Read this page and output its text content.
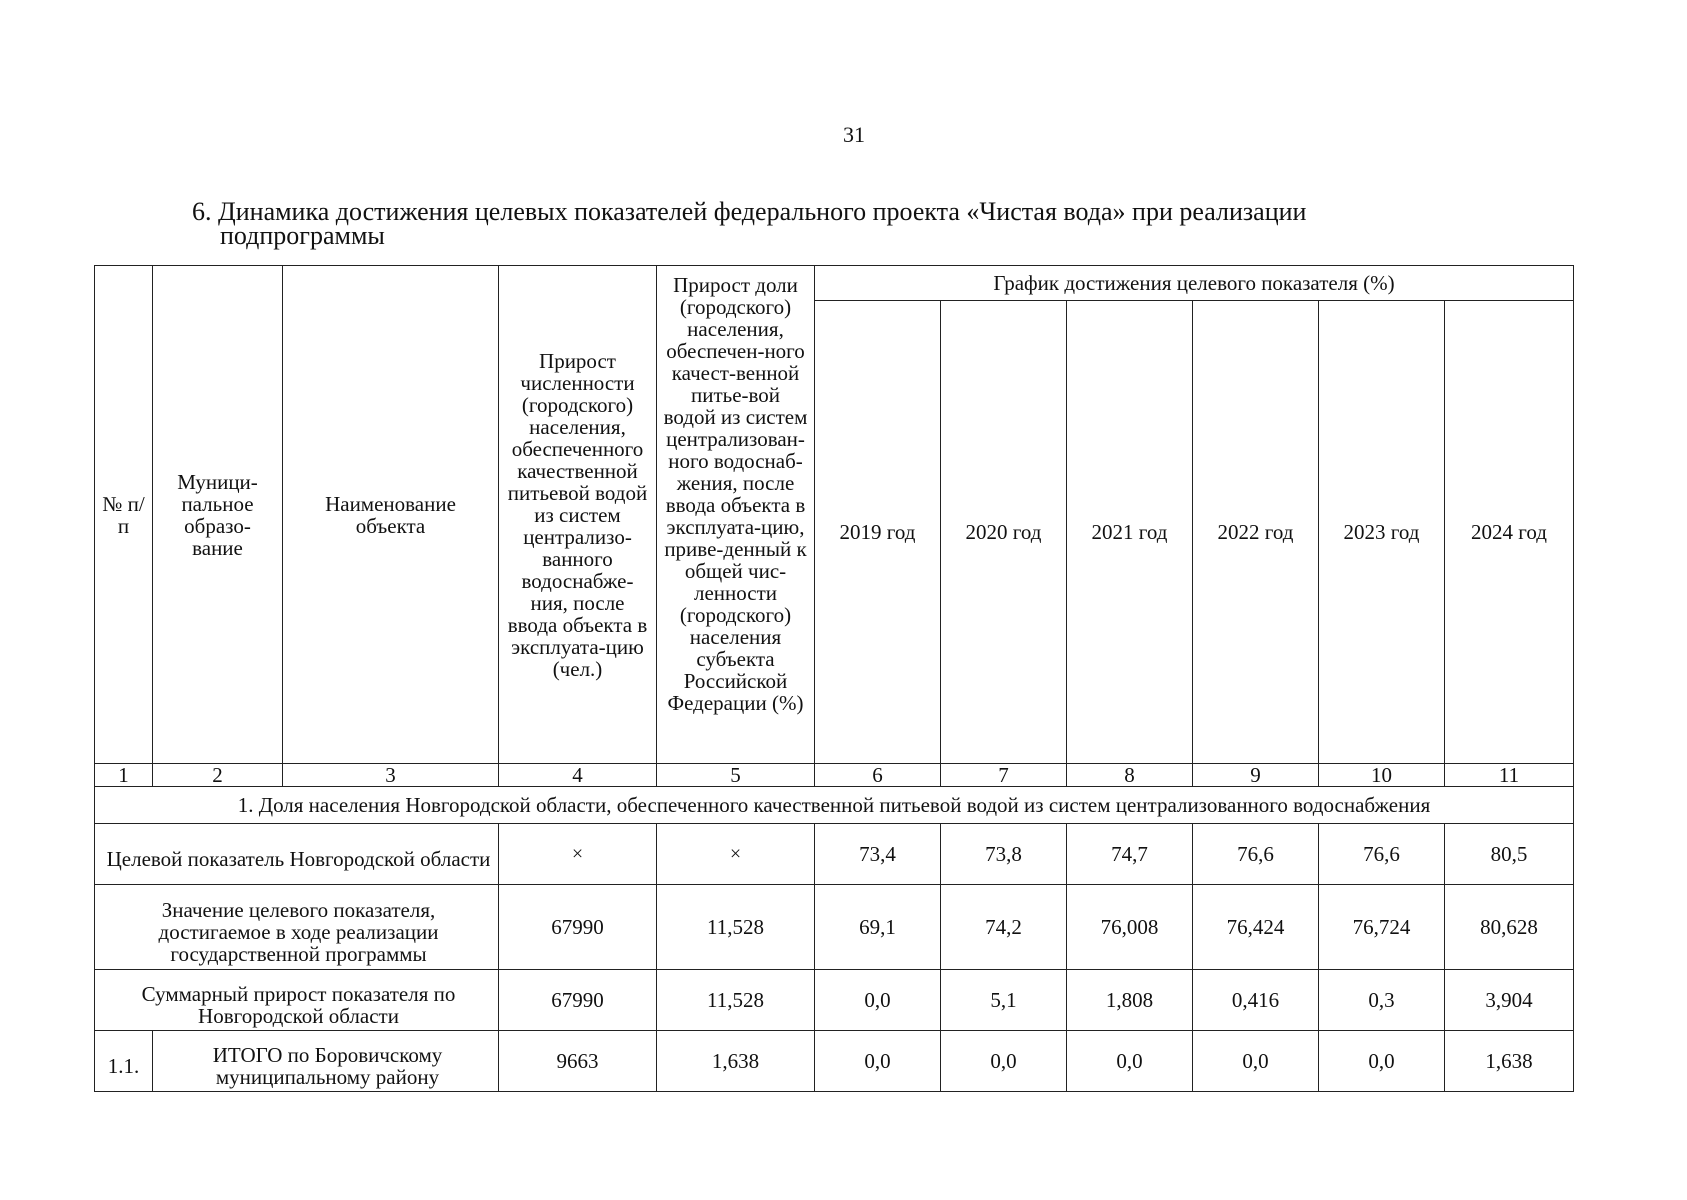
31
6. Динамика достижения целевых показателей федерального проекта «Чистая вода» при реализации
подпрограммы
№ п/п	Муници-пальное образо-вание	Наименование объекта	Прирост численности (городского) населения, обеспеченного качественной питьевой водой из систем централизо-ванного водоснабже-ния, после ввода объекта в эксплуата-цию (чел.)	Прирост доли (городского) населения, обеспечен-ного качест-венной питье-вой водой из систем централизован-ного водоснаб-жения, после ввода объекта в эксплуата-цию, приве-денный к общей чис-ленности (городского) населения субъекта Российской Федерации (%)	График достижения целевого показателя (%)					
					2019 год	2020 год	2021 год	2022 год	2023 год	2024 год
1	2	3	4	5	6	7	8	9	10	11
1. Доля населения Новгородской области, обеспеченного качественной питьевой водой из систем централизованного водоснабжения										
Целевой показатель Новгородской области			×	×	73,4	73,8	74,7	76,6	76,6	80,5
Значение целевого показателя, достигаемое в ходе реализации государственной программы			67990	11,528	69,1	74,2	76,008	76,424	76,724	80,628
Суммарный прирост показателя по Новгородской области			67990	11,528	0,0	5,1	1,808	0,416	0,3	3,904
1.1.	ИТОГО по Боровичскому муниципальному району		9663	1,638	0,0	0,0	0,0	0,0	0,0	1,638
